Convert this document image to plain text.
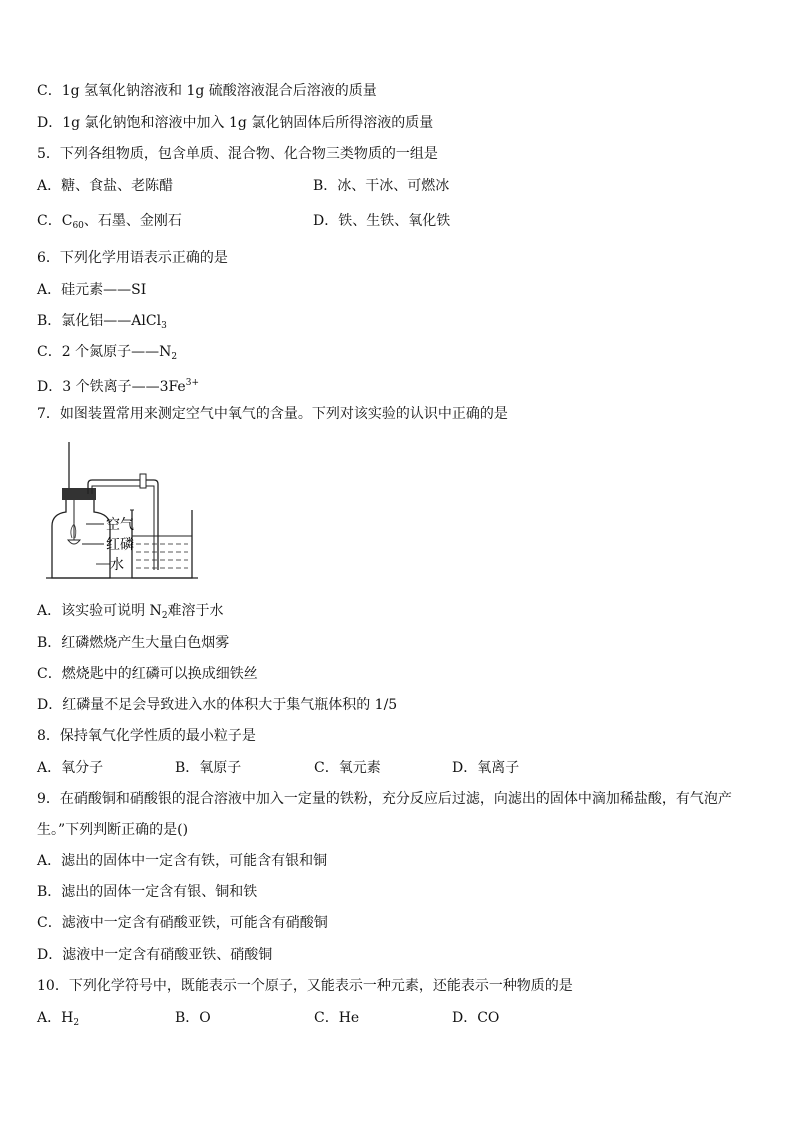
C．1g 氢氧化钠溶液和 1g 硫酸溶液混合后溶液的质量
D．1g 氯化钠饱和溶液中加入 1g 氯化钠固体后所得溶液的质量
5．下列各组物质，包含单质、混合物、化合物三类物质的一组是
A．糖、食盐、老陈醋	B．冰、干冰、可燃冰
C．$C_{60}$、石墨、金刚石	D．铁、生铁、氧化铁
6．下列化学用语表示正确的是
A．硅元素——SI
B．氯化铝——AlCl$_3$
C．2 个氮原子$——N_2$
D．3 个铁离子$——3Fe^{3+}$
7．如图装置常用来测定空气中氧气的含量。下列对该实验的认识中正确的是
空气
红磷
水
A．该实验可说明 $N_2$难溶于水
B．红磷燃烧产生大量白色烟雾
C．燃烧匙中的红磷可以换成细铁丝
D．红磷量不足会导致进入水的体积大于集气瓶体积的 1/5
8．保持氧气化学性质的最小粒子是
A．氧分子	B．氧原子	C．氧元素	D．氧离子
9．在硝酸铜和硝酸银的混合溶液中加入一定量的铁粉，充分反应后过滤，向滤出的固体中滴加稀盐酸，有气泡产
生。”下列判断正确的是()
A．滤出的固体中一定含有铁，可能含有银和铜
B．滤出的固体一定含有银、铜和铁
C．滤液中一定含有硝酸亚铁，可能含有硝酸铜
D．滤液中一定含有硝酸亚铁、硝酸铜
10．下列化学符号中，既能表示一个原子，又能表示一种元素，还能表示一种物质的是
A．$H_2$	B．O	C．He	D．CO
